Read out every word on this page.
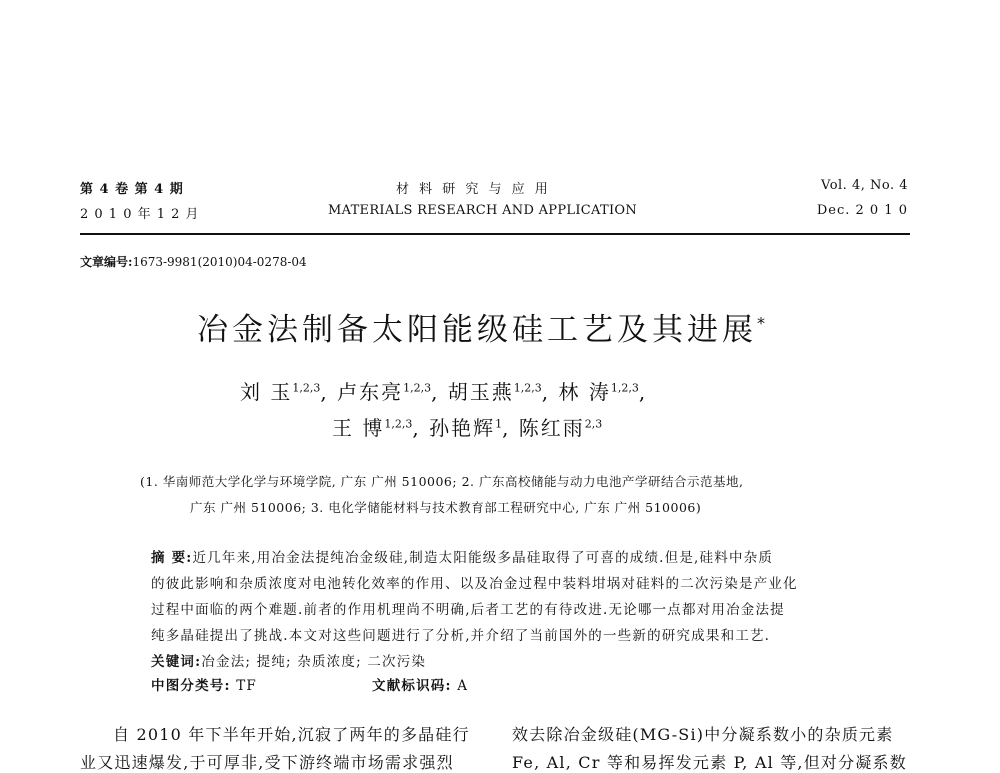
第 4 卷 第 4 期
2 0 1 0 年 1 2 月
材 料 研 究 与 应 用
MATERIALS RESEARCH AND APPLICATION
Vol. 4, No. 4
Dec. 2 0 1 0
文章编号:1673-9981(2010)04-0278-04
冶金法制备太阳能级硅工艺及其进展*
刘 玉$^{1,2,3}$, 卢东亮$^{1,2,3}$, 胡玉燕$^{1,2,3}$, 林 涛$^{1,2,3}$,
王 博$^{1,2,3}$, 孙艳辉$^1$, 陈红雨$^{2,3}$
(1. 华南师范大学化学与环境学院, 广东 广州 510006; 2. 广东高校储能与动力电池产学研结合示范基地,
广东 广州 510006; 3. 电化学储能材料与技术教育部工程研究中心, 广东 广州 510006)
摘 要:近几年来,用冶金法提纯冶金级硅,制造太阳能级多晶硅取得了可喜的成绩.但是,硅料中杂质
的彼此影响和杂质浓度对电池转化效率的作用、以及冶金过程中装料坩埚对硅料的二次污染是产业化
过程中面临的两个难题.前者的作用机理尚不明确,后者工艺的有待改进.无论哪一点都对用冶金法提
纯多晶硅提出了挑战.本文对这些问题进行了分析,并介绍了当前国外的一些新的研究成果和工艺.
关键词:冶金法; 提纯; 杂质浓度; 二次污染
中图分类号: TF	文献标识码: A
自 2010 年下半年开始,沉寂了两年的多晶硅行
业又迅速爆发,于可厚非,受下游终端市场需求强烈
效去除冶金级硅(MG-Si)中分凝系数小的杂质元素
Fe, Al, Cr 等和易挥发元素 P, Al 等,但对分凝系数
